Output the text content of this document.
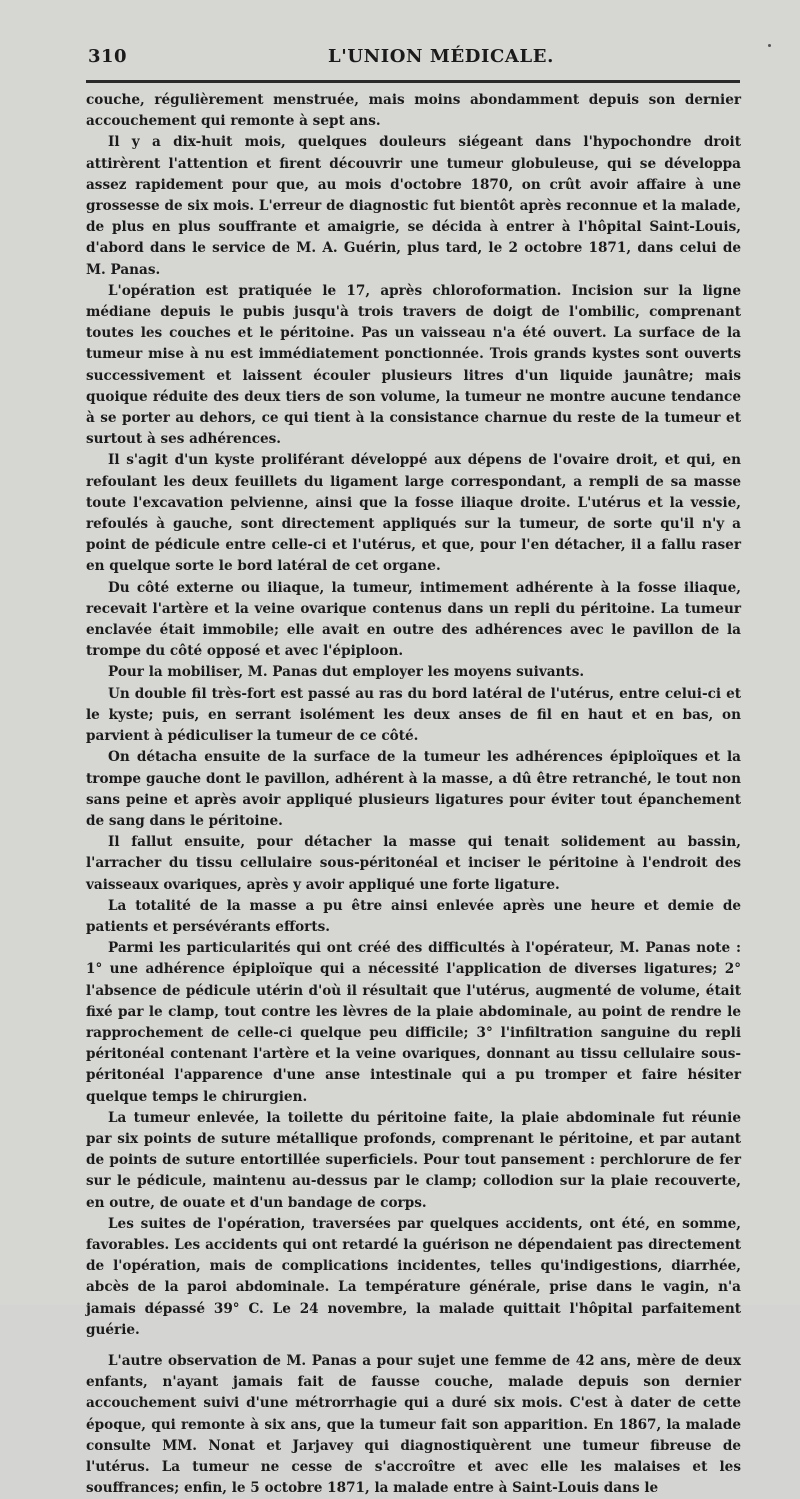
310	L'UNION MÉDICALE.

couche, régulièrement menstruée, mais moins abondamment depuis son dernier accouchement qui remonte à sept ans.

Il y a dix-huit mois, quelques douleurs siégeant dans l'hypochondre droit attirèrent l'attention et firent découvrir une tumeur globuleuse, qui se développa assez rapidement pour que, au mois d'octobre 1870, on crût avoir affaire à une grossesse de six mois. L'erreur de diagnostic fut bientôt après reconnue et la malade, de plus en plus souffrante et amaigrie, se décida à entrer à l'hôpital Saint-Louis, d'abord dans le service de M. A. Guérin, plus tard, le 2 octobre 1871, dans celui de M. Panas.

L'opération est pratiquée le 17, après chloroformation. Incision sur la ligne médiane depuis le pubis jusqu'à trois travers de doigt de l'ombilic, comprenant toutes les couches et le péritoine. Pas un vaisseau n'a été ouvert. La surface de la tumeur mise à nu est immédiatement ponctionnée. Trois grands kystes sont ouverts successivement et laissent écouler plusieurs litres d'un liquide jaunâtre; mais quoique réduite des deux tiers de son volume, la tumeur ne montre aucune tendance à se porter au dehors, ce qui tient à la consistance charnue du reste de la tumeur et surtout à ses adhérences.

Il s'agit d'un kyste proliférant développé aux dépens de l'ovaire droit, et qui, en refoulant les deux feuillets du ligament large correspondant, a rempli de sa masse toute l'excavation pelvienne, ainsi que la fosse iliaque droite. L'utérus et la vessie, refoulés à gauche, sont directement appliqués sur la tumeur, de sorte qu'il n'y a point de pédicule entre celle-ci et l'utérus, et que, pour l'en détacher, il a fallu raser en quelque sorte le bord latéral de cet organe.

Du côté externe ou iliaque, la tumeur, intimement adhérente à la fosse iliaque, recevait l'artère et la veine ovarique contenus dans un repli du péritoine. La tumeur enclavée était immobile; elle avait en outre des adhérences avec le pavillon de la trompe du côté opposé et avec l'épiploon.

Pour la mobiliser, M. Panas dut employer les moyens suivants.

Un double fil très-fort est passé au ras du bord latéral de l'utérus, entre celui-ci et le kyste; puis, en serrant isolément les deux anses de fil en haut et en bas, on parvient à pédiculiser la tumeur de ce côté.

On détacha ensuite de la surface de la tumeur les adhérences épiploïques et la trompe gauche dont le pavillon, adhérent à la masse, a dû être retranché, le tout non sans peine et après avoir appliqué plusieurs ligatures pour éviter tout épanchement de sang dans le péritoine.

Il fallut ensuite, pour détacher la masse qui tenait solidement au bassin, l'arracher du tissu cellulaire sous-péritonéal et inciser le péritoine à l'endroit des vaisseaux ovariques, après y avoir appliqué une forte ligature.

La totalité de la masse a pu être ainsi enlevée après une heure et demie de patients et persévérants efforts.

Parmi les particularités qui ont créé des difficultés à l'opérateur, M. Panas note : 1° une adhérence épiploïque qui a nécessité l'application de diverses ligatures; 2° l'absence de pédicule utérin d'où il résultait que l'utérus, augmenté de volume, était fixé par le clamp, tout contre les lèvres de la plaie abdominale, au point de rendre le rapprochement de celle-ci quelque peu difficile; 3° l'infiltration sanguine du repli péritonéal contenant l'artère et la veine ovariques, donnant au tissu cellulaire sous-péritonéal l'apparence d'une anse intestinale qui a pu tromper et faire hésiter quelque temps le chirurgien.

La tumeur enlevée, la toilette du péritoine faite, la plaie abdominale fut réunie par six points de suture métallique profonds, comprenant le péritoine, et par autant de points de suture entortillée superficiels. Pour tout pansement : perchlorure de fer sur le pédicule, maintenu au-dessus par le clamp; collodion sur la plaie recouverte, en outre, de ouate et d'un bandage de corps.

Les suites de l'opération, traversées par quelques accidents, ont été, en somme, favorables. Les accidents qui ont retardé la guérison ne dépendaient pas directement de l'opération, mais de complications incidentes, telles qu'indigestions, diarrhée, abcès de la paroi abdominale. La température générale, prise dans le vagin, n'a jamais dépassé 39° C. Le 24 novembre, la malade quittait l'hôpital parfaitement guérie.

L'autre observation de M. Panas a pour sujet une femme de 42 ans, mère de deux enfants, n'ayant jamais fait de fausse couche, malade depuis son dernier accouchement suivi d'une métrorrhagie qui a duré six mois. C'est à dater de cette époque, qui remonte à six ans, que la tumeur fait son apparition. En 1867, la malade consulte MM. Nonat et Jarjavey qui diagnostiquèrent une tumeur fibreuse de l'utérus. La tumeur ne cesse de s'accroître et avec elle les malaises et les souffrances; enfin, le 5 octobre 1871, la malade entre à Saint-Louis dans le
